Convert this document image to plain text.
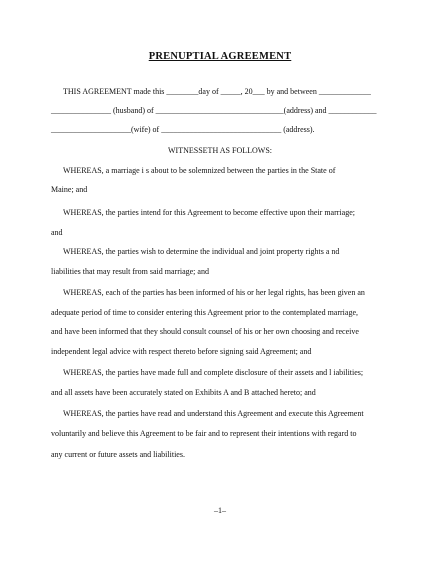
PRENUPTIAL AGREEMENT
THIS AGREEMENT made this ________day of _____, 20___ by and between _____________
_______________ (husband) of ________________________________(address) and ____________
____________________(wife) of ______________________________ (address).
WITNESSETH AS FOLLOWS:
WHEREAS, a marriage i s about to be solemnized between the parties in the State of
Maine; and
WHEREAS, the parties intend for this Agreement to become effective upon their marriage;
and
WHEREAS, the parties wish to determine the individual and joint property rights a nd
liabilities that may result from said marriage; and
WHEREAS, each of the parties has been informed of his or her legal rights, has been given an
adequate period of time to consider entering this Agreement prior to the contemplated marriage,
and have been informed that they should consult counsel of his or her own choosing and receive
independent legal advice with respect thereto before signing said Agreement; and
WHEREAS, the parties have made full and complete disclosure of their assets and l iabilities;
and all assets have been accurately stated on Exhibits A and B attached hereto; and
WHEREAS, the parties have read and understand this Agreement and execute this Agreement
voluntarily and believe this Agreement to be fair and to represent their intentions with regard to
any current or future assets and liabilities.
–1–
